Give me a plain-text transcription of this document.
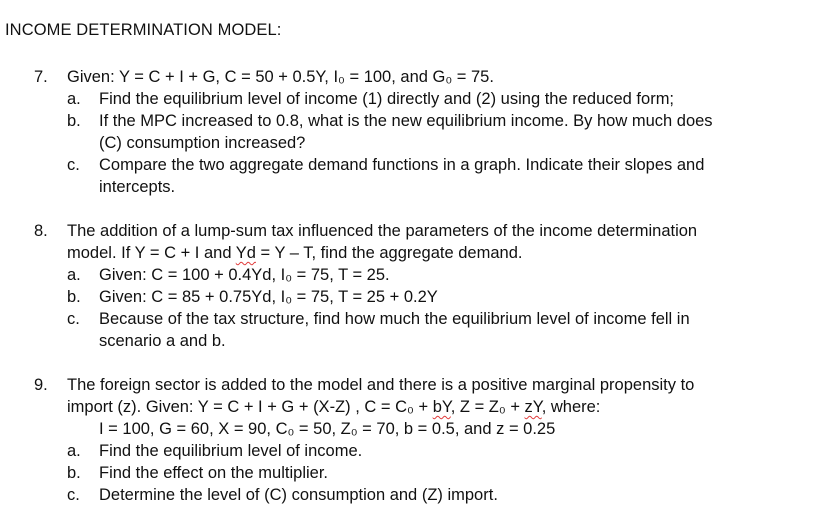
INCOME DETERMINATION MODEL:
7. Given: Y = C + I + G, C = 50 + 0.5Y, I₀ = 100, and G₀ = 75.
a. Find the equilibrium level of income (1) directly and (2) using the reduced form;
b. If the MPC increased to 0.8, what is the new equilibrium income. By how much does
(C) consumption increased?
c. Compare the two aggregate demand functions in a graph. Indicate their slopes and
intercepts.
8. The addition of a lump-sum tax influenced the parameters of the income determination
model. If Y = C + I and Yd = Y – T, find the aggregate demand.
a. Given: C = 100 + 0.4Yd, I₀ = 75, T = 25.
b. Given: C = 85 + 0.75Yd, I₀ = 75, T = 25 + 0.2Y
c. Because of the tax structure, find how much the equilibrium level of income fell in
scenario a and b.
9. The foreign sector is added to the model and there is a positive marginal propensity to
import (z). Given: Y = C + I + G + (X-Z) , C = C₀ + bY, Z = Z₀ + zY, where:
I = 100, G = 60, X = 90, C₀ = 50, Z₀ = 70, b = 0.5, and z = 0.25
a. Find the equilibrium level of income.
b. Find the effect on the multiplier.
c. Determine the level of (C) consumption and (Z) import.
